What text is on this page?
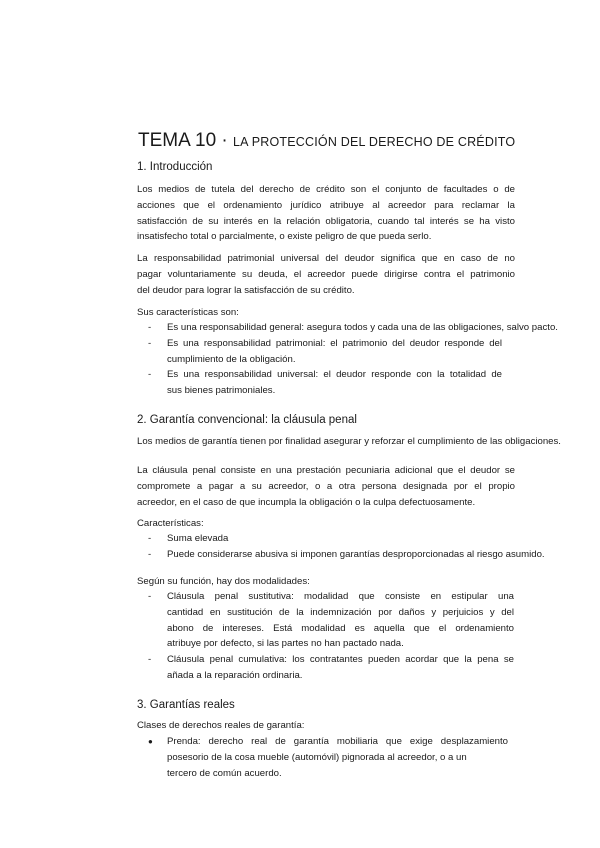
TEMA 10 · LA PROTECCIÓN DEL DERECHO DE CRÉDITO
1. Introducción
Los medios de tutela del derecho de crédito son el conjunto de facultades o de
acciones que el ordenamiento jurídico atribuye al acreedor para reclamar la
satisfacción de su interés en la relación obligatoria, cuando tal interés se ha visto
insatisfecho total o parcialmente, o existe peligro de que pueda serlo.
La responsabilidad patrimonial universal del deudor significa que en caso de no
pagar voluntariamente su deuda, el acreedor puede dirigirse contra el patrimonio
del deudor para lograr la satisfacción de su crédito.
Sus características son:
- Es una responsabilidad general: asegura todos y cada una de las obligaciones, salvo pacto.
- Es una responsabilidad patrimonial: el patrimonio del deudor responde del
cumplimiento de la obligación.
- Es una responsabilidad universal: el deudor responde con la totalidad de
sus bienes patrimoniales.
2. Garantía convencional: la cláusula penal
Los medios de garantía tienen por finalidad asegurar y reforzar el cumplimiento de las obligaciones.
La cláusula penal consiste en una prestación pecuniaria adicional que el deudor se
compromete a pagar a su acreedor, o a otra persona designada por el propio
acreedor, en el caso de que incumpla la obligación o la culpa defectuosamente.
Características:
- Suma elevada
- Puede considerarse abusiva si imponen garantías desproporcionadas al riesgo asumido.
Según su función, hay dos modalidades:
- Cláusula penal sustitutiva: modalidad que consiste en estipular una
cantidad en sustitución de la indemnización por daños y perjuicios y del
abono de intereses. Está modalidad es aquella que el ordenamiento
atribuye por defecto, si las partes no han pactado nada.
- Cláusula penal cumulativa: los contratantes pueden acordar que la pena se
añada a la reparación ordinaria.
3. Garantías reales
Clases de derechos reales de garantía:
● Prenda: derecho real de garantía mobiliaria que exige desplazamiento
posesorio de la cosa mueble (automóvil) pignorada al acreedor, o a un
tercero de común acuerdo.
